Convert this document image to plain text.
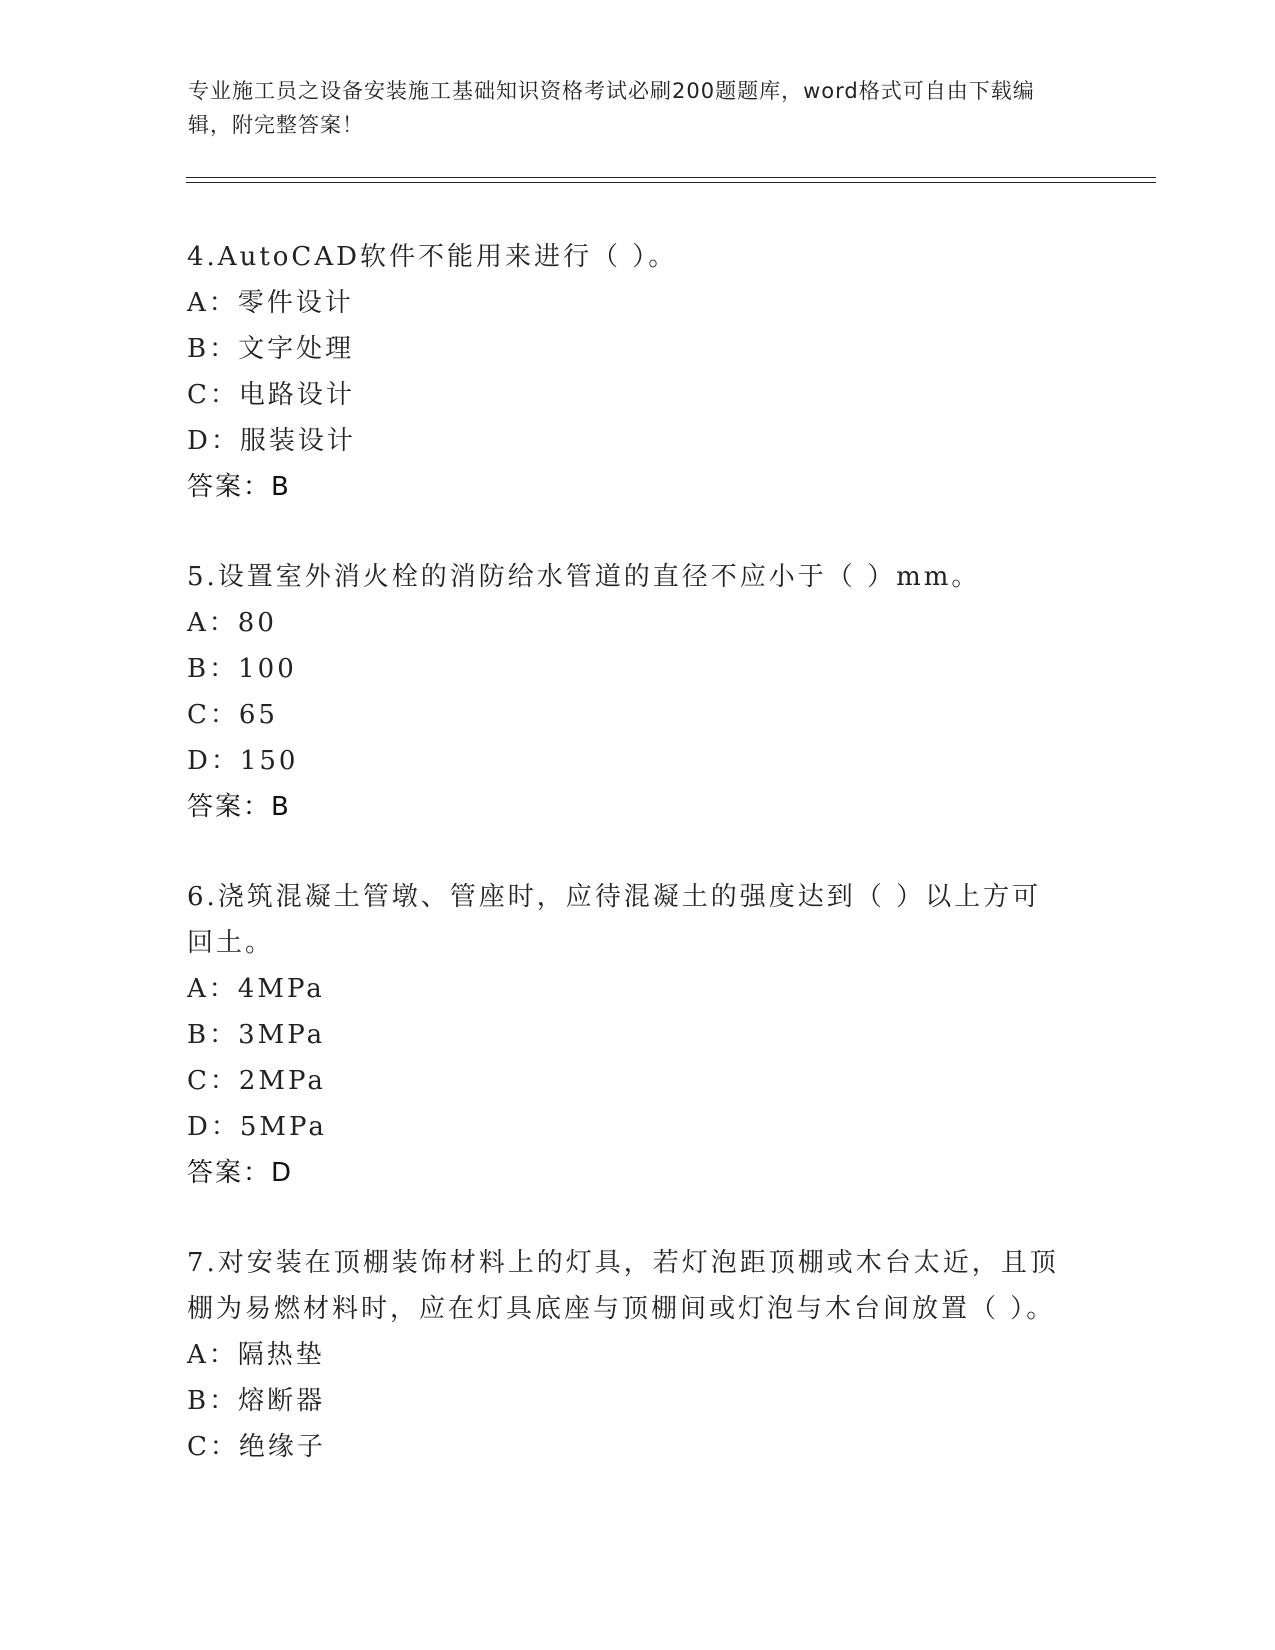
专业施工员之设备安装施工基础知识资格考试必刷200题题库，word格式可自由下载编辑，附完整答案！
4.AutoCAD软件不能用来进行（ ）。
A：零件设计
B：文字处理
C：电路设计
D：服装设计
答案：B
5.设置室外消火栓的消防给水管道的直径不应小于（ ）mm。
A：80
B：100
C：65
D：150
答案：B
6.浇筑混凝土管墩、管座时，应待混凝土的强度达到（ ）以上方可回土。
A：4MPa
B：3MPa
C：2MPa
D：5MPa
答案：D
7.对安装在顶棚装饰材料上的灯具，若灯泡距顶棚或木台太近，且顶棚为易燃材料时，应在灯具底座与顶棚间或灯泡与木台间放置（ ）。
A：隔热垫
B：熔断器
C：绝缘子
